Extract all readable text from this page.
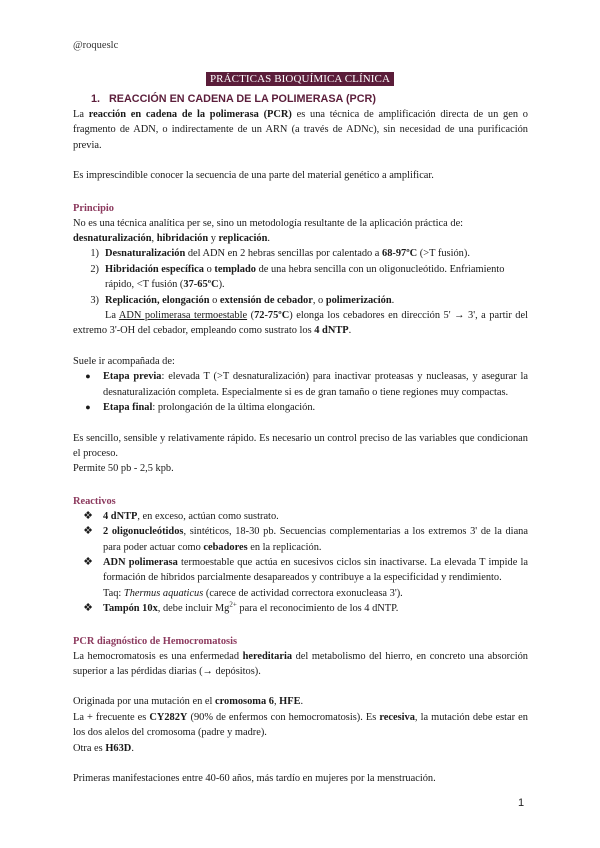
@roqueslc
PRÁCTICAS BIOQUÍMICA CLÍNICA
1. REACCIÓN EN CADENA DE LA POLIMERASA (PCR)

La reacción en cadena de la polimerasa (PCR) es una técnica de amplificación directa de un gen o fragmento de ADN, o indirectamente de un ARN (a través de ADNc), sin necesidad de una purificación previa.

Es imprescindible conocer la secuencia de una parte del material genético a amplificar.

Principio

No es una técnica analítica per se, sino un metodología resultante de la aplicación práctica de:

desnaturalización, hibridación y replicación.

1) Desnaturalización del ADN en 2 hebras sencillas por calentado a 68-97ºC (>T fusión).
2) Hibridación específica o templado de una hebra sencilla con un oligonucleótido. Enfriamiento rápido, <T fusión (37-65ºC).
3) Replicación, elongación o extensión de cebador, o polimerización.

La ADN polimerasa termoestable (72-75ºC) elonga los cebadores en dirección 5' → 3', a partir del extremo 3'-OH del cebador, empleando como sustrato los 4 dNTP.

Suele ir acompañada de:

●	Etapa previa: elevada T (>T desnaturalización) para inactivar proteasas y nucleasas, y asegurar la desnaturalización completa. Especialmente si es de gran tamaño o tiene regiones muy compactas.
●	Etapa final: prolongación de la última elongación.

Es sencillo, sensible y relativamente rápido. Es necesario un control preciso de las variables que condicionan el proceso.

Permite 50 pb - 2,5 kpb.

Reactivos
❖ 4 dNTP, en exceso, actúan como sustrato.
❖ 2 oligonucleótidos, sintéticos, 18-30 pb. Secuencias complementarias a los extremos 3' de la diana para poder actuar como cebadores en la replicación.
❖ ADN polimerasa termoestable que actúa en sucesivos ciclos sin inactivarse. La elevada T impide la formación de híbridos parcialmente desapareados y contribuye a la especificidad y rendimiento.
Taq: Thermus aquaticus (carece de actividad correctora exonucleasa 3').
❖ Tampón 10x, debe incluir $Mg^{2+}$ para el reconocimiento de los 4 dNTP.
PCR diagnóstico de Hemocromatosis

La hemocromatosis es una enfermedad hereditaria del metabolismo del hierro, en concreto una absorción superior a las pérdidas diarias (→ depósitos).

Originada por una mutación en el cromosoma 6, HFE.

La + frecuente es CY282Y (90% de enfermos con hemocromatosis). Es recesiva, la mutación debe estar en los dos alelos del cromosoma (padre y madre).

Otra es H63D.

Primeras manifestaciones entre 40-60 años, más tardío en mujeres por la menstruación.

1
